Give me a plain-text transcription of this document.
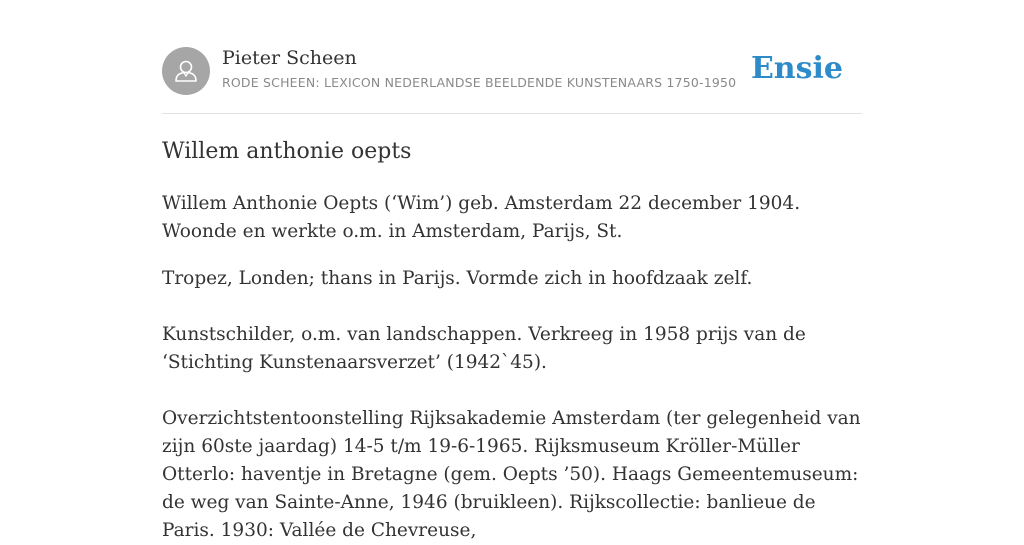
Pieter Scheen
RODE SCHEEN: LEXICON NEDERLANDSE BEELDENDE KUNSTENAARS 1750-1950 Ensie
Willem anthonie oepts

Willem Anthonie Oepts (‘Wim’) geb. Amsterdam 22 december 1904. Woonde en werkte o.m. in Amsterdam, Parijs, St.

Tropez, Londen; thans in Parijs. Vormde zich in hoofdzaak zelf.

Kunstschilder, o.m. van landschappen. Verkreeg in 1958 prijs van de ‘Stichting Kunstenaarsverzet’ (1942`45).

Overzichtstentoonstelling Rijksakademie Amsterdam (ter gelegenheid van zijn 60ste jaardag) 14-5 t/m 19-6-1965. Rijksmuseum Kröller-Müller Otterlo: haventje in Bretagne (gem. Oepts ’50). Haags Gemeentemuseum: de weg van Sainte-Anne, 1946 (bruikleen). Rijkscollectie: banlieue de Paris. 1930: Vallée de Chevreuse,
